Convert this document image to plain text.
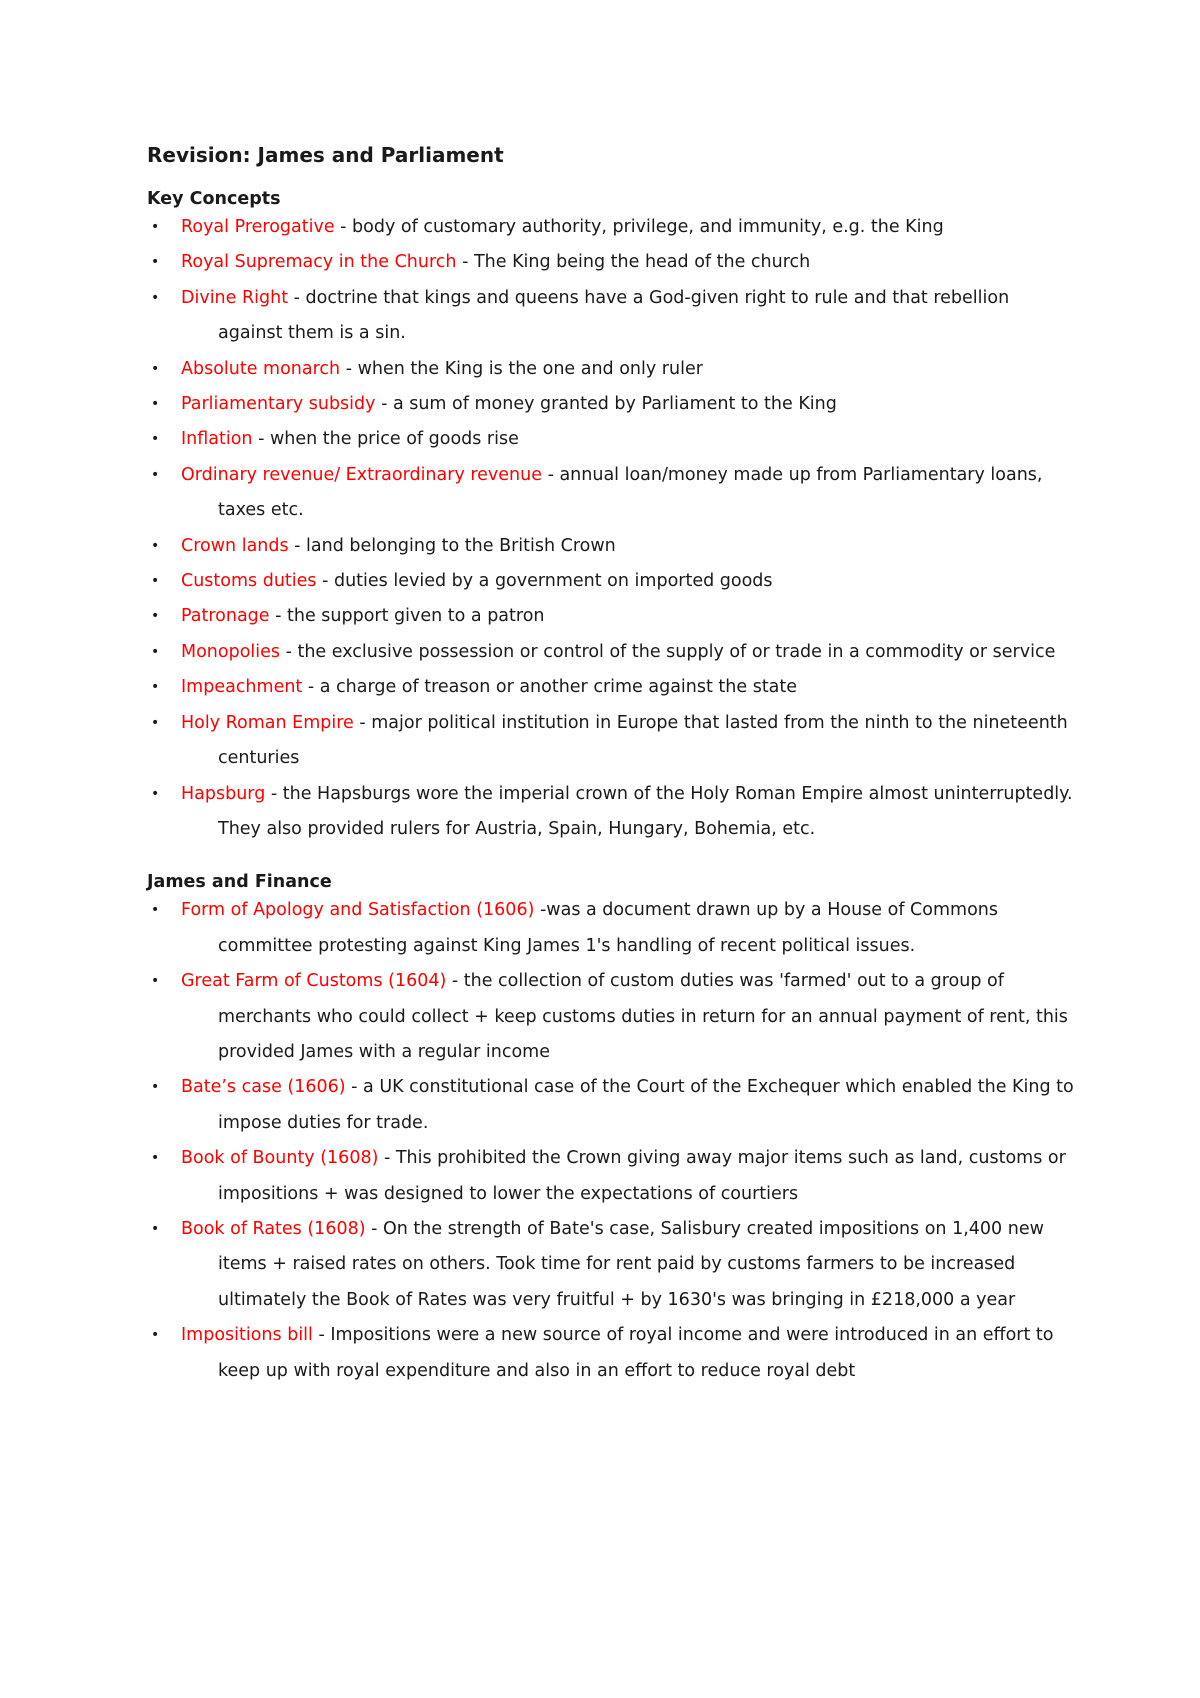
Revision: James and Parliament
Key Concepts
• Royal Prerogative - body of customary authority, privilege, and immunity, e.g. the King
• Royal Supremacy in the Church - The King being the head of the church
• Divine Right - doctrine that kings and queens have a God-given right to rule and that rebellion against them is a sin.
• Absolute monarch - when the King is the one and only ruler
• Parliamentary subsidy - a sum of money granted by Parliament to the King
• Inflation - when the price of goods rise
• Ordinary revenue/ Extraordinary revenue - annual loan/money made up from Parliamentary loans, taxes etc.
• Crown lands - land belonging to the British Crown
• Customs duties - duties levied by a government on imported goods
• Patronage - the support given to a patron
• Monopolies - the exclusive possession or control of the supply of or trade in a commodity or service
• Impeachment - a charge of treason or another crime against the state
• Holy Roman Empire - major political institution in Europe that lasted from the ninth to the nineteenth centuries
• Hapsburg - the Hapsburgs wore the imperial crown of the Holy Roman Empire almost uninterruptedly. They also provided rulers for Austria, Spain, Hungary, Bohemia, etc.
James and Finance
• Form of Apology and Satisfaction (1606) -was a document drawn up by a House of Commons committee protesting against King James 1's handling of recent political issues.
• Great Farm of Customs (1604) - the collection of custom duties was 'farmed' out to a group of merchants who could collect + keep customs duties in return for an annual payment of rent, this provided James with a regular income
• Bate’s case (1606) - a UK constitutional case of the Court of the Exchequer which enabled the King to impose duties for trade.
• Book of Bounty (1608) - This prohibited the Crown giving away major items such as land, customs or impositions + was designed to lower the expectations of courtiers
• Book of Rates (1608) - On the strength of Bate's case, Salisbury created impositions on 1,400 new items + raised rates on others. Took time for rent paid by customs farmers to be increased ultimately the Book of Rates was very fruitful + by 1630's was bringing in £218,000 a year
• Impositions bill - Impositions were a new source of royal income and were introduced in an effort to keep up with royal expenditure and also in an effort to reduce royal debt
